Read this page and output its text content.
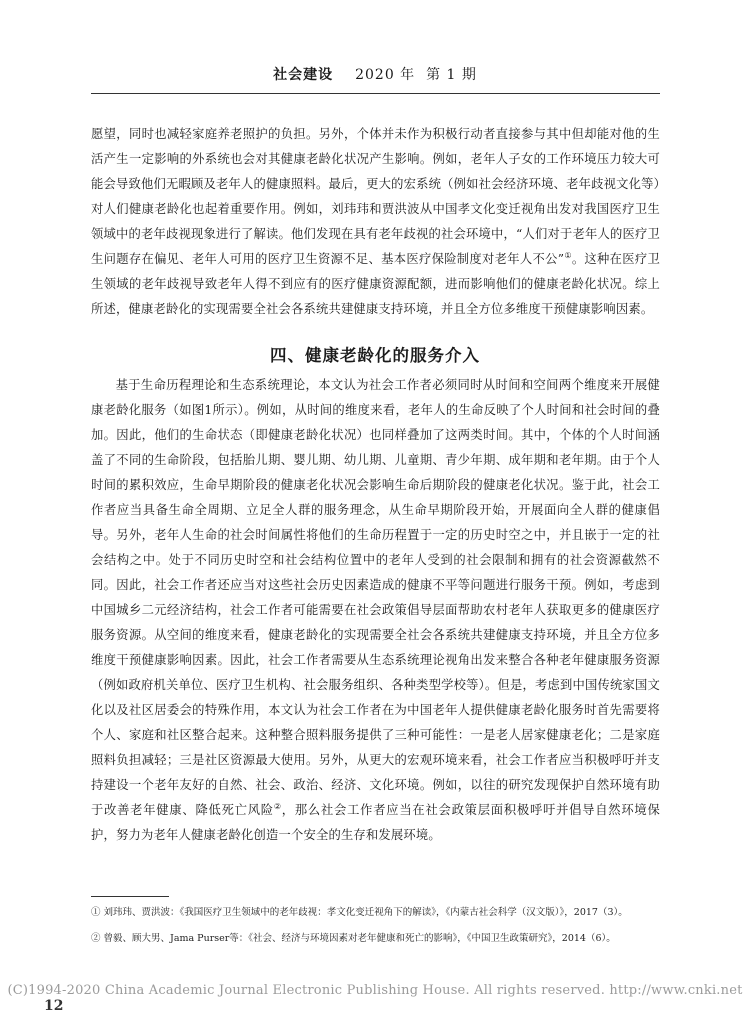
社会建设 2020 年 第 1 期

愿望，同时也减轻家庭养老照护的负担。另外，个体并未作为积极行动者直接参与其中但却能对他的生活产生一定影响的外系统也会对其健康老龄化状况产生影响。例如，老年人子女的工作环境压力较大可能会导致他们无暇顾及老年人的健康照料。最后，更大的宏系统（例如社会经济环境、老年歧视文化等）对人们健康老龄化也起着重要作用。例如，刘玮玮和贾洪波从中国孝文化变迁视角出发对我国医疗卫生领域中的老年歧视现象进行了解读。他们发现在具有老年歧视的社会环境中，“人们对于老年人的医疗卫生问题存在偏见、老年人可用的医疗卫生资源不足、基本医疗保险制度对老年人不公”①。这种在医疗卫生领域的老年歧视导致老年人得不到应有的医疗健康资源配额，进而影响他们的健康老龄化状况。综上所述，健康老龄化的实现需要全社会各系统共建健康支持环境，并且全方位多维度干预健康影响因素。

四、健康老龄化的服务介入

基于生命历程理论和生态系统理论，本文认为社会工作者必须同时从时间和空间两个维度来开展健康老龄化服务（如图1所示）。例如，从时间的维度来看，老年人的生命反映了个人时间和社会时间的叠加。因此，他们的生命状态（即健康老龄化状况）也同样叠加了这两类时间。其中，个体的个人时间涵盖了不同的生命阶段，包括胎儿期、婴儿期、幼儿期、儿童期、青少年期、成年期和老年期。由于个人时间的累积效应，生命早期阶段的健康老化状况会影响生命后期阶段的健康老化状况。鉴于此，社会工作者应当具备生命全周期、立足全人群的服务理念，从生命早期阶段开始，开展面向全人群的健康倡导。另外，老年人生命的社会时间属性将他们的生命历程置于一定的历史时空之中，并且嵌于一定的社会结构之中。处于不同历史时空和社会结构位置中的老年人受到的社会限制和拥有的社会资源截然不同。因此，社会工作者还应当对这些社会历史因素造成的健康不平等问题进行服务干预。例如，考虑到中国城乡二元经济结构，社会工作者可能需要在社会政策倡导层面帮助农村老年人获取更多的健康医疗服务资源。从空间的维度来看，健康老龄化的实现需要全社会各系统共建健康支持环境，并且全方位多维度干预健康影响因素。因此，社会工作者需要从生态系统理论视角出发来整合各种老年健康服务资源（例如政府机关单位、医疗卫生机构、社会服务组织、各种类型学校等）。但是，考虑到中国传统家国文化以及社区居委会的特殊作用，本文认为社会工作者在为中国老年人提供健康老龄化服务时首先需要将个人、家庭和社区整合起来。这种整合照料服务提供了三种可能性：一是老人居家健康老化；二是家庭照料负担减轻；三是社区资源最大使用。另外，从更大的宏观环境来看，社会工作者应当积极呼吁并支持建设一个老年友好的自然、社会、政治、经济、文化环境。例如，以往的研究发现保护自然环境有助于改善老年健康、降低死亡风险②，那么社会工作者应当在社会政策层面积极呼吁并倡导自然环境保护，努力为老年人健康老龄化创造一个安全的生存和发展环境。

① 刘玮玮、贾洪波：《我国医疗卫生领域中的老年歧视：孝文化变迁视角下的解读》，《内蒙古社会科学（汉文版）》，2017（3）。

② 曾毅、顾大男、Jama Purser等：《社会、经济与环境因素对老年健康和死亡的影响》，《中国卫生政策研究》，2014（6）。

(C)1994-2020 China Academic Journal Electronic Publishing House. All rights reserved. http://www.cnki.net
12
